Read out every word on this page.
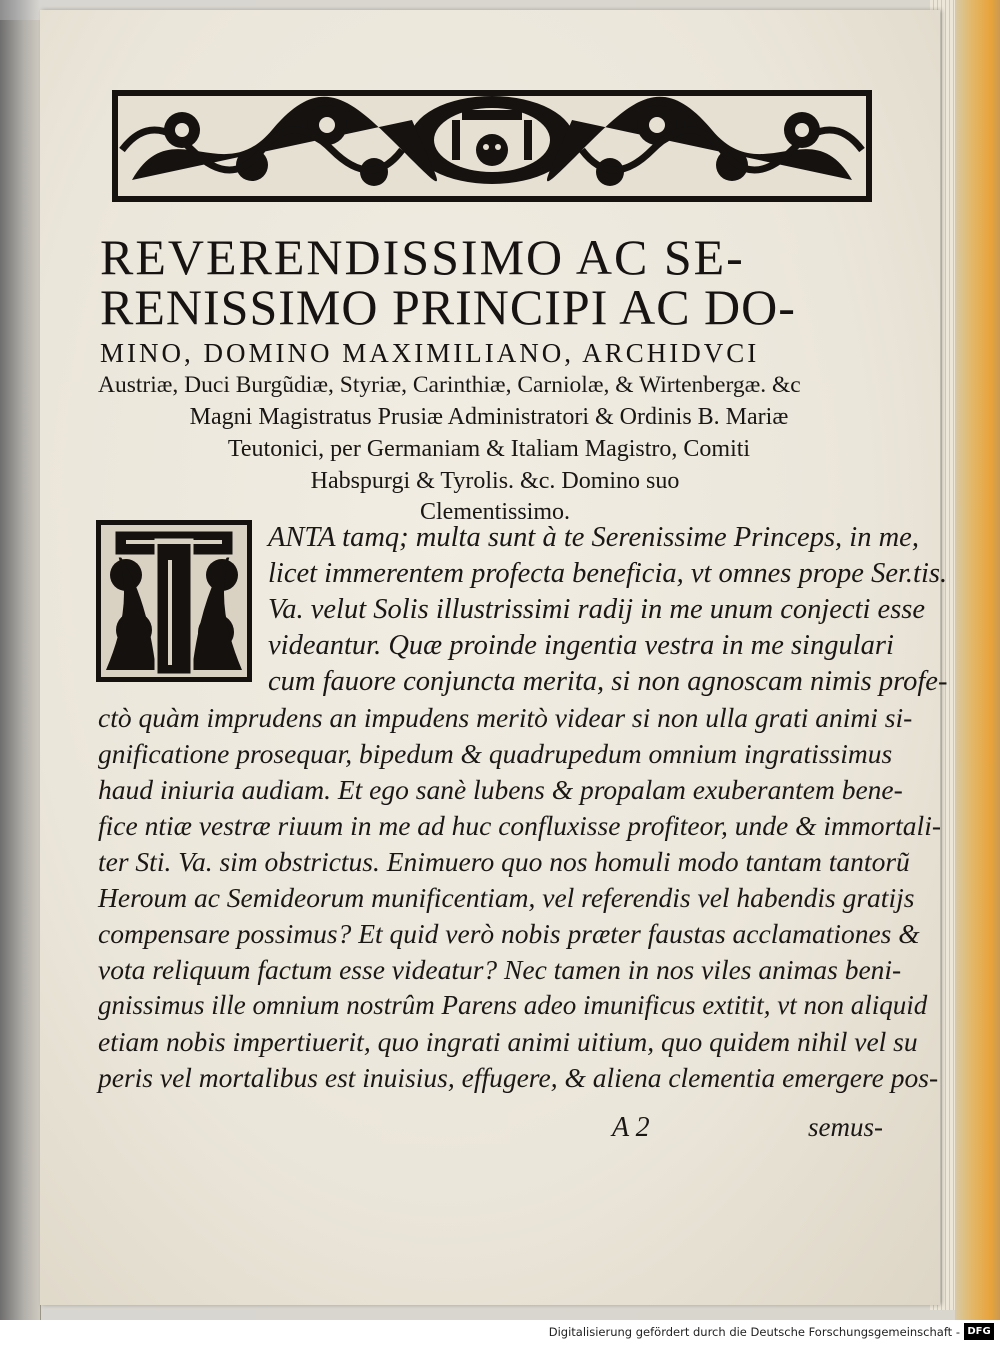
REVERENDISSIMO AC SE-

RENISSIMO PRINCIPI AC DO-

MINO, DOMINO MAXIMILIANO, ARCHIDVCI

Austriæ, Duci Burgũdiæ, Styriæ, Carinthiæ, Carniolæ, & Wirtenbergæ. &c

Magni Magistratus Prusiæ Administratori & Ordinis B. Mariæ

Teutonici, per Germaniam & Italiam Magistro, Comiti

Habspurgi & Tyrolis. &c. Domino suo

Clementissimo.

ANTA tamq; multa sunt à te Serenissime Princeps, in me,

licet immerentem profecta beneficia, vt omnes prope Ser.tis.

Va. velut Solis illustrissimi radij in me unum conjecti esse

videantur. Quæ proinde ingentia vestra in me singulari

cum fauore conjuncta merita, si non agnoscam nimis profe-

ctò quàm imprudens an impudens meritò videar si non ulla grati animi si-

gnificatione prosequar, bipedum & quadrupedum omnium ingratissimus

haud iniuria audiam. Et ego sanè lubens & propalam exuberantem bene-

fice ntiæ vestræ riuum in me ad huc confluxisse profiteor, unde & immortali-

ter Sti. Va. sim obstrictus. Enimuero quo nos homuli modo tantam tantorũ

Heroum ac Semideorum munificentiam, vel referendis vel habendis gratijs

compensare possimus? Et quid verò nobis præter faustas acclamationes &

vota reliquum factum esse videatur? Nec tamen in nos viles animas beni-

gnissimus ille omnium nostrûm Parens adeo imunificus extitit, vt non aliquid

etiam nobis impertiuerit, quo ingrati animi uitium, quo quidem nihil vel su

peris vel mortalibus est inuisius, effugere, & aliena clementia emergere pos-

A 2	semus-

Digitalisierung gefördert durch die Deutsche Forschungsgemeinschaft - DFG
